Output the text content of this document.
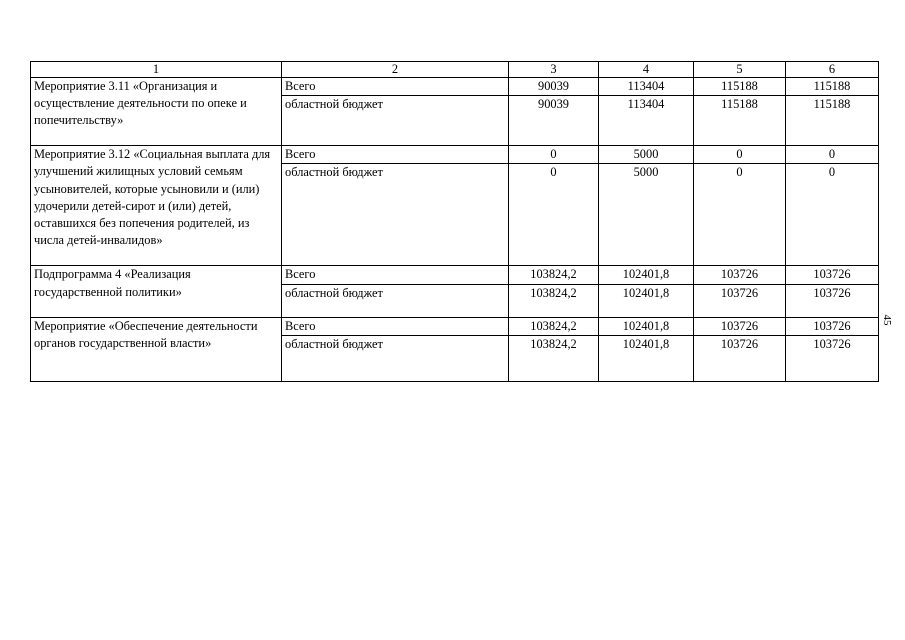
1	2	3	4	5	6
Мероприятие 3.11 «Организация и осуществление деятельности по опеке и попечительству»	Всего	90039	113404	115188	115188
	областной бюджет	90039	113404	115188	115188
Мероприятие 3.12 «Социальная выплата для улучшений жилищных условий семьям усыновителей, которые усыновили и (или) удочерили детей-сирот и (или) детей, оставшихся без попечения родителей, из числа детей-инвалидов»	Всего	0	5000	0	0
	областной бюджет	0	5000	0	0
Подпрограмма 4 «Реализация государственной политики»	Всего	103824,2	102401,8	103726	103726
	областной бюджет	103824,2	102401,8	103726	103726
Мероприятие «Обеспечение деятельности органов государственной власти»	Всего	103824,2	102401,8	103726	103726
	областной бюджет	103824,2	102401,8	103726	103726
45
